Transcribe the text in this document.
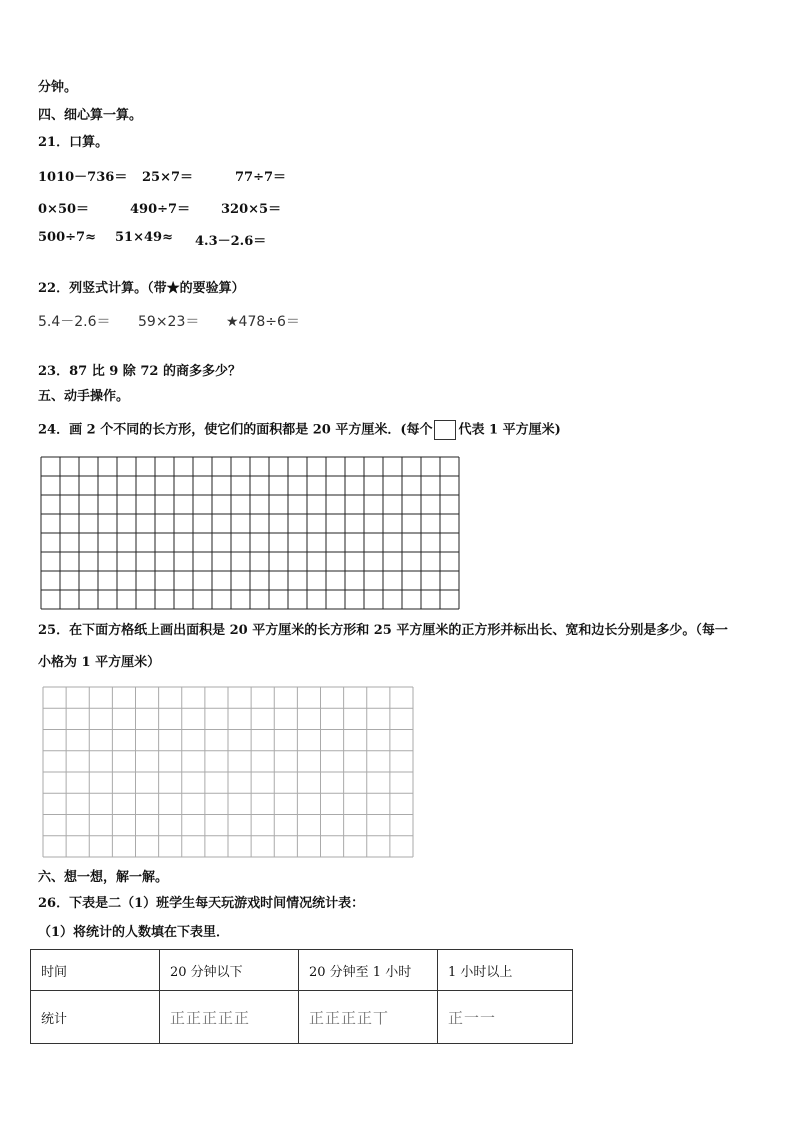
分钟。
四、细心算一算。
21．口算。
1010－736＝ 25×7＝	77÷7＝
0×50＝	490÷7＝ 320×5＝
500÷7≈ 51×49≈ 4.3－2.6＝
22．列竖式计算。（带★的要验算）
5.4－2.6＝ 59×23＝ ★478÷6＝
23．87 比 9 除 72 的商多多少？
五、动手操作。
24．画 2 个不同的长方形，使它们的面积都是 20 平方厘米．(每个 代表 1 平方厘米)
25．在下面方格纸上画出面积是 20 平方厘米的长方形和 25 平方厘米的正方形并标出长、宽和边长分别是多少。（每一
小格为 1 平方厘米）
六、想一想，解一解。
26．下表是二（1）班学生每天玩游戏时间情况统计表：
（1）将统计的人数填在下表里．
时间	20 分钟以下	20 分钟至 1 小时	1 小时以上
统计	正正正正正	正正正正丅	正一一
